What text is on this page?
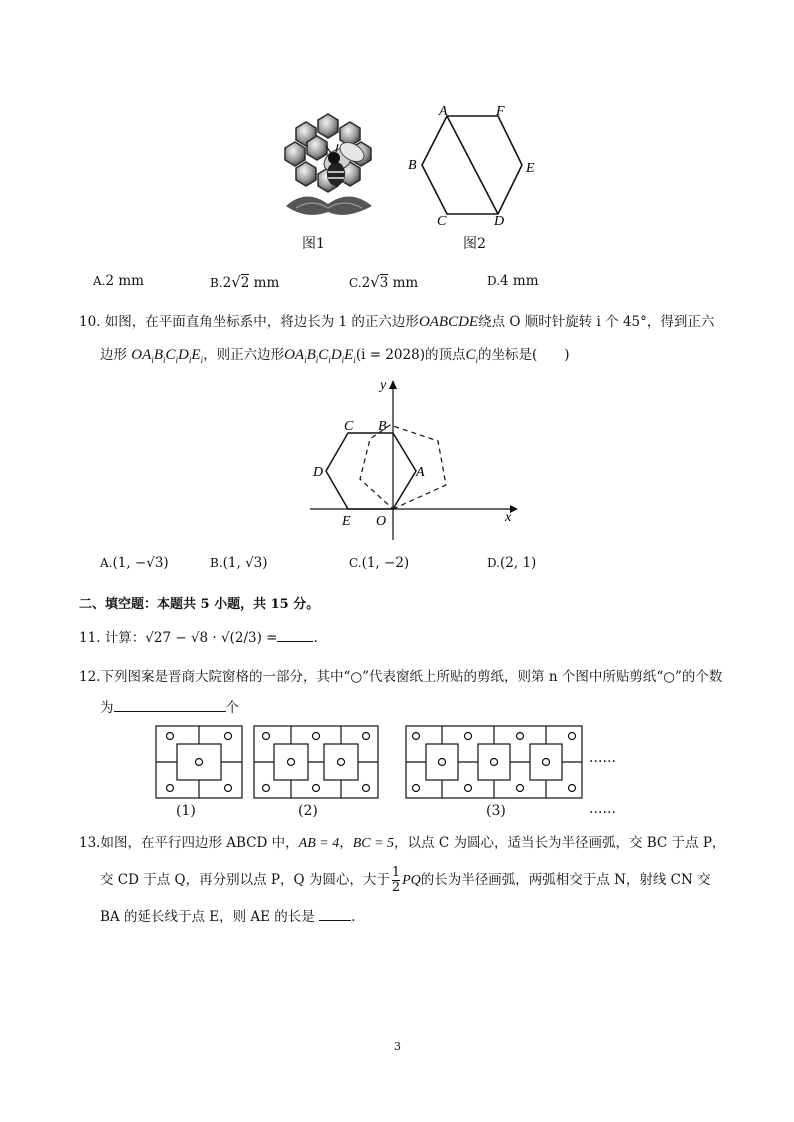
图1
A	F
B	E
C	D
图2
A.2 mm	B.2√2 mm	C.2√3 mm	D.4 mm
10. 如图，在平面直角坐标系中，将边长为 1 的正六边形OABCDE绕点 O 顺时针旋转 i 个 45°，得到正六
边形 $OA_iB_iC_iD_iE_i$，则正六边形$OA_iB_iC_iD_iE_i(i = 2028)$的顶点$C_i$的坐标是(　　)
y
x
O
A
B
C
D
E
A.(1, −√3)	B.(1, √3)	C.(1, −2)	D.(2, 1)
二、填空题：本题共 5 小题，共 15 分。
11. 计算：√27 − √8 · √(2/3) =	.
12.下列图案是晋商大院窗格的一部分，其中“○”代表窗纸上所贴的剪纸，则第 n 个图中所贴剪纸“○”的个数
为	个
(1)	(2)	(3)
……
……
13.如图，在平行四边形 ABCD 中，AB = 4，BC = 5，以点 C 为圆心，适当长为半径画弧，交 BC 于点 P，
交 CD 于点 Q，再分别以点 P，Q 为圆心，大于 $\frac{1}{2}$ PQ的长为半径画弧，两弧相交于点 N，射线 CN 交
BA 的延长线于点 E，则 AE 的长是	.
3
